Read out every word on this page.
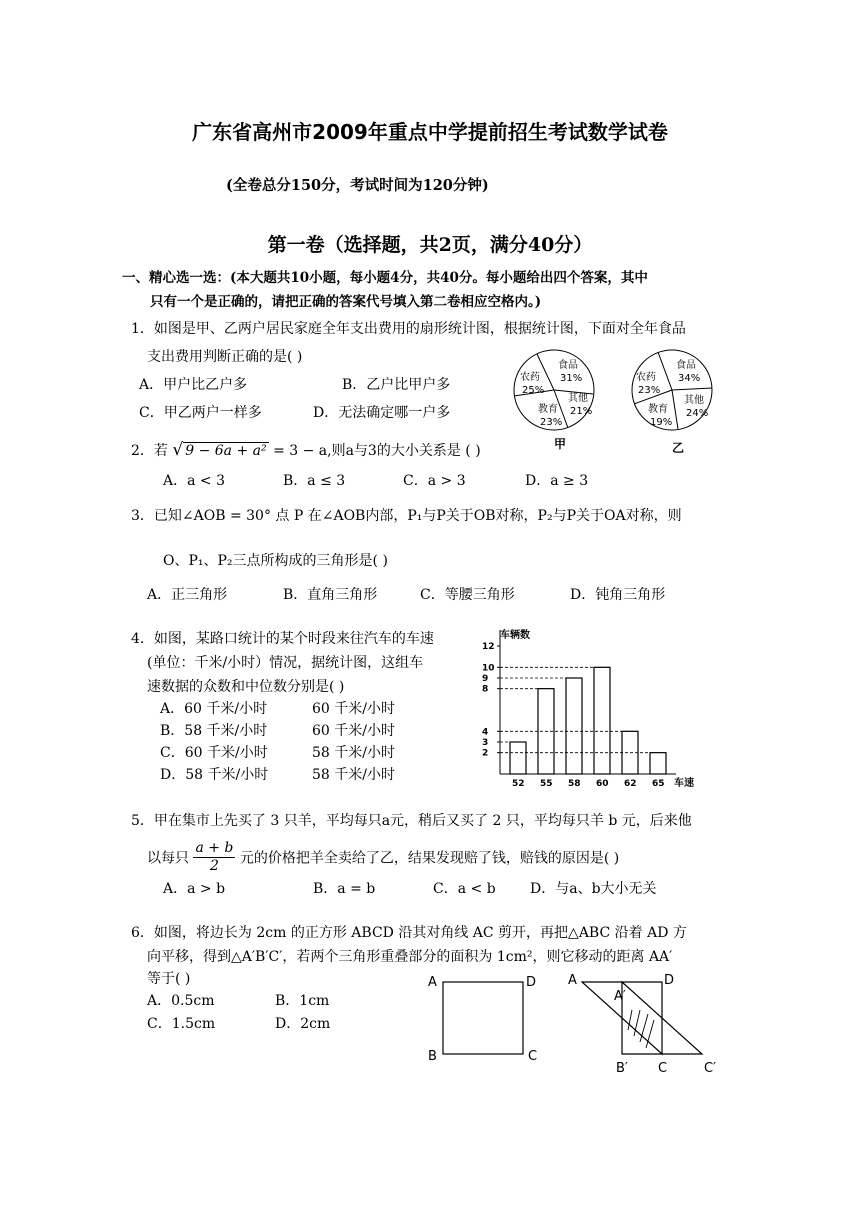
广东省高州市2009年重点中学提前招生考试数学试卷
(全卷总分150分，考试时间为120分钟)
第一卷（选择题，共2页，满分40分）
一、精心选一选：(本大题共10小题，每小题4分，共40分。每小题给出四个答案，其中
只有一个是正确的，请把正确的答案代号填入第二卷相应空格内。)
1．如图是甲、乙两户居民家庭全年支出费用的扇形统计图，根据统计图，下面对全年食品
支出费用判断正确的是( )
A．甲户比乙户多	B．乙户比甲户多
C．甲乙两户一样多	D．无法确定哪一户多
食品
31%
农药
25%
其他
21%
教育
23%
甲
食品
34%
农药
23%
其他
24%
教育
19%
乙
2．若 √ 9 − 6a + a² = 3 − a,则a与3的大小关系是 ( )
A．a < 3	B．a ≤ 3	C．a > 3	D．a ≥ 3
3．已知∠AOB = 30° 点 P 在∠AOB内部，P₁与P关于OB对称，P₂与P关于OA对称，则
O、P₁、P₂三点所构成的三角形是( )
A．正三角形	B．直角三角形	C．等腰三角形	D．钝角三角形
4．如图，某路口统计的某个时段来往汽车的车速
(单位：千米/小时）情况，据统计图，这组车
速数据的众数和中位数分别是( )
A．60 千米/小时	60 千米/小时
B．58 千米/小时	60 千米/小时
C．60 千米/小时	58 千米/小时
D．58 千米/小时	58 千米/小时
车辆数
车速
2
3
4
8
9
10
12
52 55 58 60 62 65
5．甲在集市上先买了 3 只羊，平均每只a元，稍后又买了 2 只，平均每只羊 b 元，后来他
以每只 $\frac{a + b}{2}$ 元的价格把羊全卖给了乙，结果发现赔了钱，赔钱的原因是( )
A．a > b	B．a = b	C．a < b D．与a、b大小无关
6．如图，将边长为 2cm 的正方形 ABCD 沿其对角线 AC 剪开，再把△ABC 沿着 AD 方
向平移，得到△A′B′C′，若两个三角形重叠部分的面积为 1cm²，则它移动的距离 AA′
等于( )
A．0.5cm	B．1cm
C．1.5cm	D．2cm
A	D
B	C
A
A′
D
B′ C	C′
